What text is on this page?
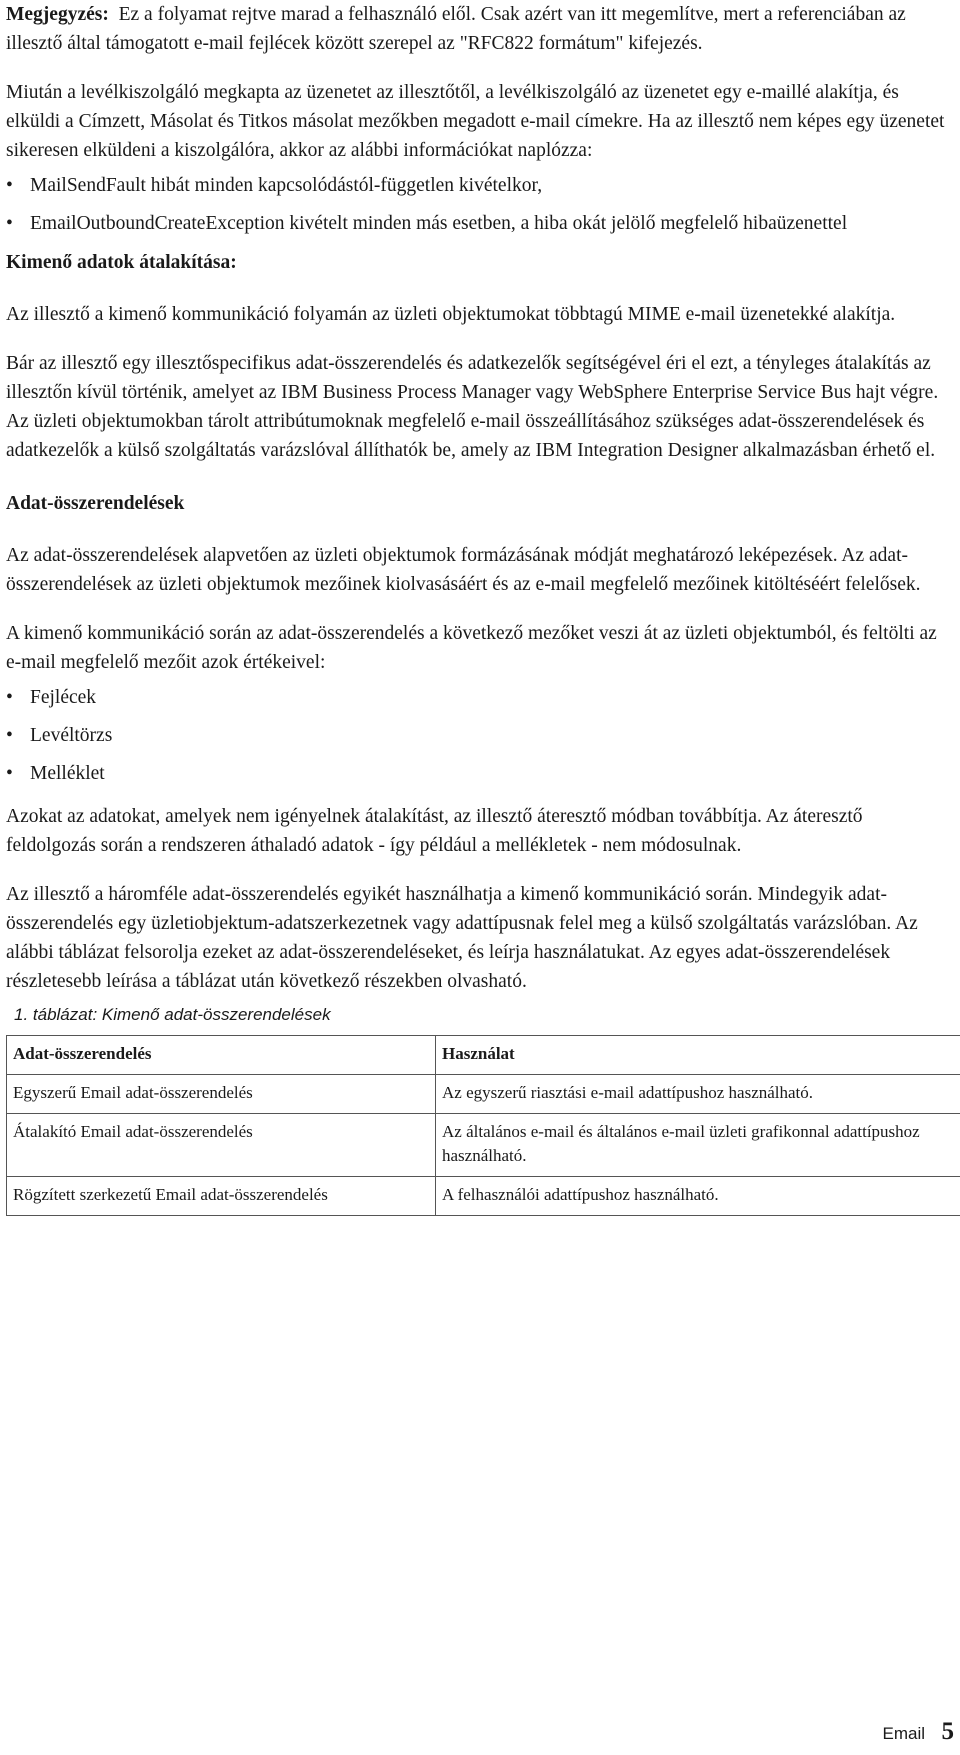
Megjegyzés: Ez a folyamat rejtve marad a felhasználó elől. Csak azért van itt megemlítve, mert a referenciában az illesztő által támogatott e-mail fejlécek között szerepel az "RFC822 formátum" kifejezés.

Miután a levélkiszolgáló megkapta az üzenetet az illesztőtől, a levélkiszolgáló az üzenetet egy e-maillé alakítja, és elküldi a Címzett, Másolat és Titkos másolat mezőkben megadott e-mail címekre. Ha az illesztő nem képes egy üzenetet sikeresen elküldeni a kiszolgálóra, akkor az alábbi információkat naplózza:

• MailSendFault hibát minden kapcsolódástól-független kivételkor,
• EmailOutboundCreateException kivételt minden más esetben, a hiba okát jelölő megfelelő hibaüzenettel
Kimenő adatok átalakítása:

Az illesztő a kimenő kommunikáció folyamán az üzleti objektumokat többtagú MIME e-mail üzenetekké alakítja.

Bár az illesztő egy illesztőspecifikus adat-összerendelés és adatkezelők segítségével éri el ezt, a tényleges átalakítás az illesztőn kívül történik, amelyet az IBM Business Process Manager vagy WebSphere Enterprise Service Bus hajt végre. Az üzleti objektumokban tárolt attribútumoknak megfelelő e-mail összeállításához szükséges adat-összerendelések és adatkezelők a külső szolgáltatás varázslóval állíthatók be, amely az IBM Integration Designer alkalmazásban érhető el.

Adat-összerendelések

Az adat-összerendelések alapvetően az üzleti objektumok formázásának módját meghatározó leképezések. Az adat-összerendelések az üzleti objektumok mezőinek kiolvasásáért és az e-mail megfelelő mezőinek kitöltéséért felelősek.

A kimenő kommunikáció során az adat-összerendelés a következő mezőket veszi át az üzleti objektumból, és feltölti az e-mail megfelelő mezőit azok értékeivel:

• Fejlécek
• Levéltörzs
• Melléklet

Azokat az adatokat, amelyek nem igényelnek átalakítást, az illesztő áteresztő módban továbbítja. Az áteresztő feldolgozás során a rendszeren áthaladó adatok - így például a mellékletek - nem módosulnak.

Az illesztő a háromféle adat-összerendelés egyikét használhatja a kimenő kommunikáció során. Mindegyik adat-összerendelés egy üzletiobjektum-adatszerkezetnek vagy adattípusnak felel meg a külső szolgáltatás varázslóban. Az alábbi táblázat felsorolja ezeket az adat-összerendeléseket, és leírja használatukat. Az egyes adat-összerendelések részletesebb leírása a táblázat után következő részekben olvasható.

1. táblázat: Kimenő adat-összerendelések
Adat-összerendelés	Használat
Egyszerű Email adat-összerendelés	Az egyszerű riasztási e-mail adattípushoz használható.
Átalakító Email adat-összerendelés	Az általános e-mail és általános e-mail üzleti grafikonnal adattípushoz használható.
Rögzített szerkezetű Email adat-összerendelés	A felhasználói adattípushoz használható.
Email 5
